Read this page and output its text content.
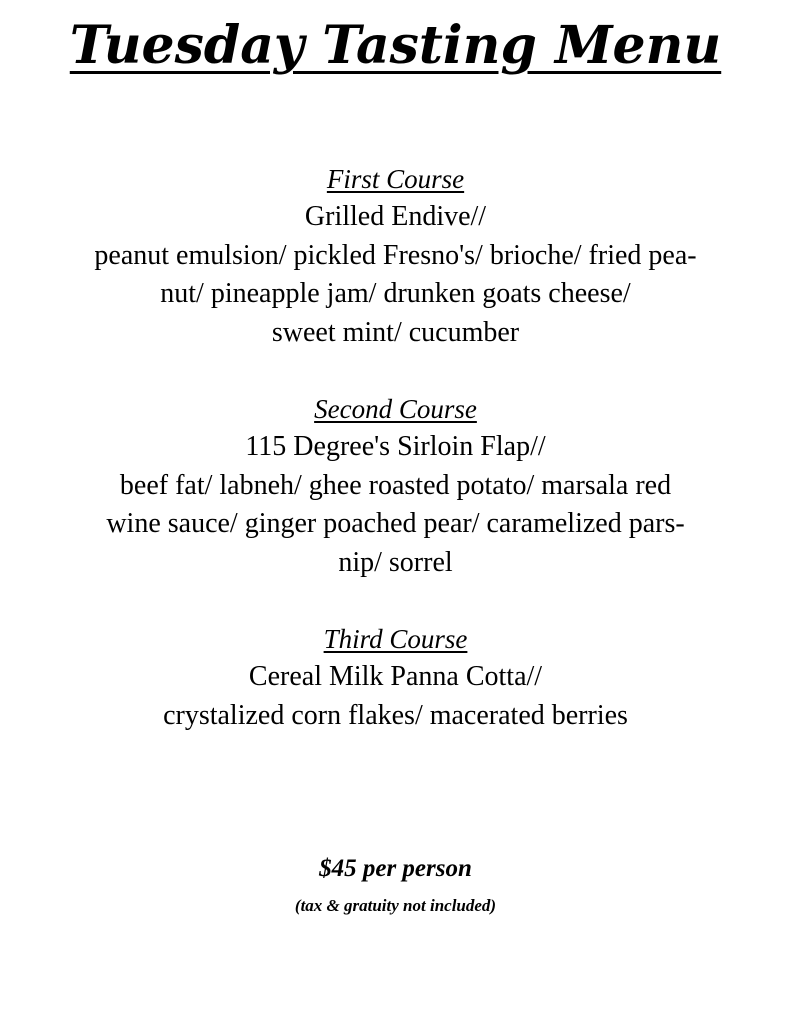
Tuesday Tasting Menu
First Course
Grilled Endive//
peanut emulsion/ pickled Fresno's/ brioche/ fried pea-
nut/ pineapple jam/ drunken goats cheese/
sweet mint/ cucumber
Second Course
115 Degree's Sirloin Flap//
beef fat/ labneh/ ghee roasted potato/ marsala red
wine sauce/ ginger poached pear/ caramelized pars-
nip/ sorrel
Third Course
Cereal Milk Panna Cotta//
crystalized corn flakes/ macerated berries
$45 per person
(tax & gratuity not included)
